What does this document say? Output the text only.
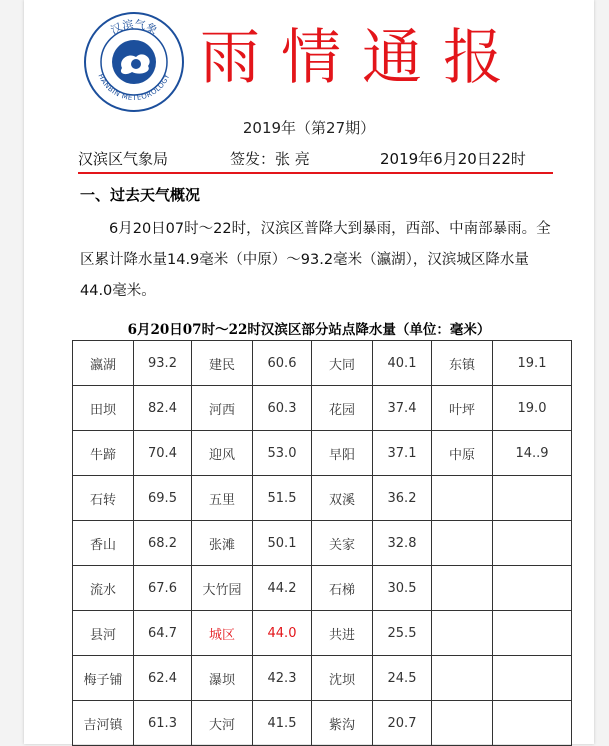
汉滨气象
HANBIN METEOROLOGY 雨情通报
2019年（第27期）
汉滨区气象局	签发：张 亮	2019年6月20日22时
一、过去天气概况
6月20日07时～22时，汉滨区普降大到暴雨，西部、中南部暴雨。全区累计降水量14.9毫米（中原）～93.2毫米（瀛湖），汉滨城区降水量44.0毫米。
6月20日07时～22时汉滨区部分站点降水量（单位：毫米）
瀛湖	93.2	建民	60.6	大同	40.1	东镇	19.1
田坝	82.4	河西	60.3	花园	37.4	叶坪	19.0
牛蹄	70.4	迎风	53.0	早阳	37.1	中原	14..9
石转	69.5	五里	51.5	双溪	36.2		
香山	68.2	张滩	50.1	关家	32.8		
流水	67.6	大竹园	44.2	石梯	30.5		
县河	64.7	城区	44.0	共进	25.5		
梅子铺	62.4	瀑坝	42.3	沈坝	24.5		
吉河镇	61.3	大河	41.5	紫沟	20.7		
